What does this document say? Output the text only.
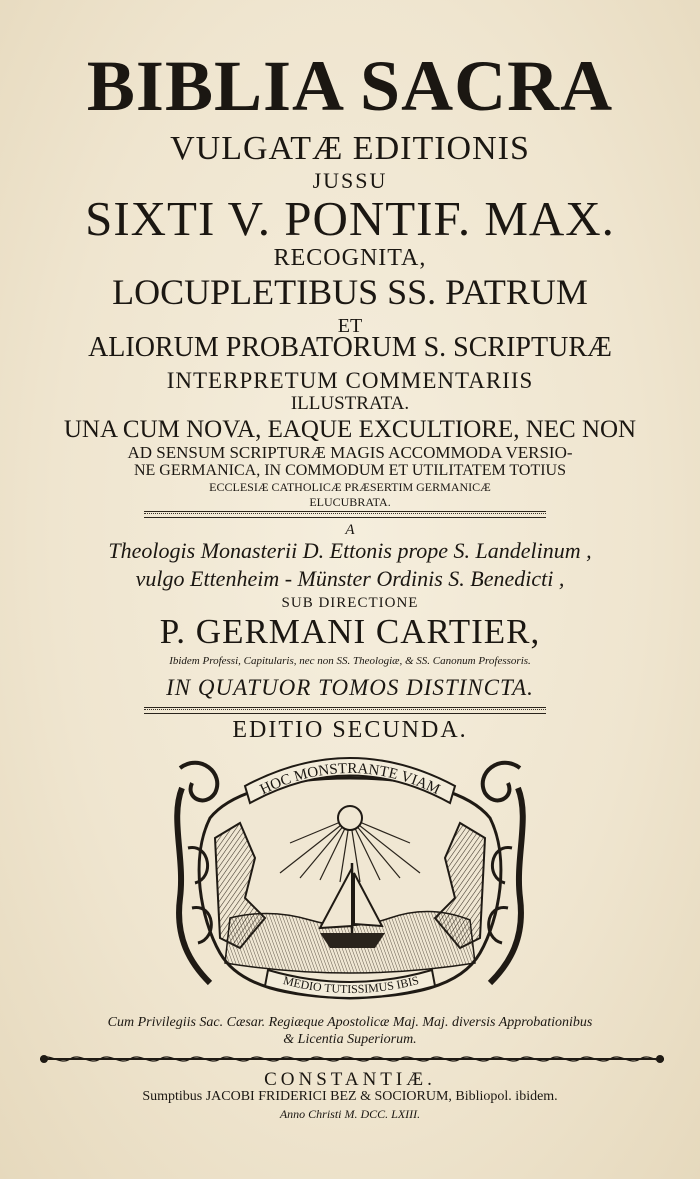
BIBLIA SACRA
VULGATÆ EDITIONIS
JUSSU
SIXTI V. PONTIF. MAX.
RECOGNITA,
LOCUPLETIBUS SS. PATRUM
ET
ALIORUM PROBATORUM S. SCRIPTURÆ
INTERPRETUM COMMENTARIIS
ILLUSTRATA.
UNA CUM NOVA, EAQUE EXCULTIORE, NEC NON
AD SENSUM SCRIPTURÆ MAGIS ACCOMMODA VERSIO-
NE GERMANICA, IN COMMODUM ET UTILITATEM TOTIUS
ECCLESIÆ CATHOLICÆ PRÆSERTIM GERMANICÆ
ELUCUBRATA.
A
Theologis Monasterii D. Ettonis prope S. Landelinum ,
vulgo Ettenheim - Münster Ordinis S. Benedicti ,
SUB DIRECTIONE
P. GERMANI CARTIER,
Ibidem Professi, Capitularis, nec non SS. Theologiæ, & SS. Canonum Professoris.
IN QUATUOR TOMOS DISTINCTA.
EDITIO SECUNDA.
HOC MONSTRANTE VIAM
MEDIO TUTISSIMUS IBIS
Cum Privilegiis Sac. Cæsar. Regiæque Apostolicæ Maj. Maj. diversis Approbationibus
& Licentia Superiorum.
CONSTANTIÆ.
Sumptibus JACOBI FRIDERICI BEZ & SOCIORUM, Bibliopol. ibidem.
Anno Christi M. DCC. LXIII.
